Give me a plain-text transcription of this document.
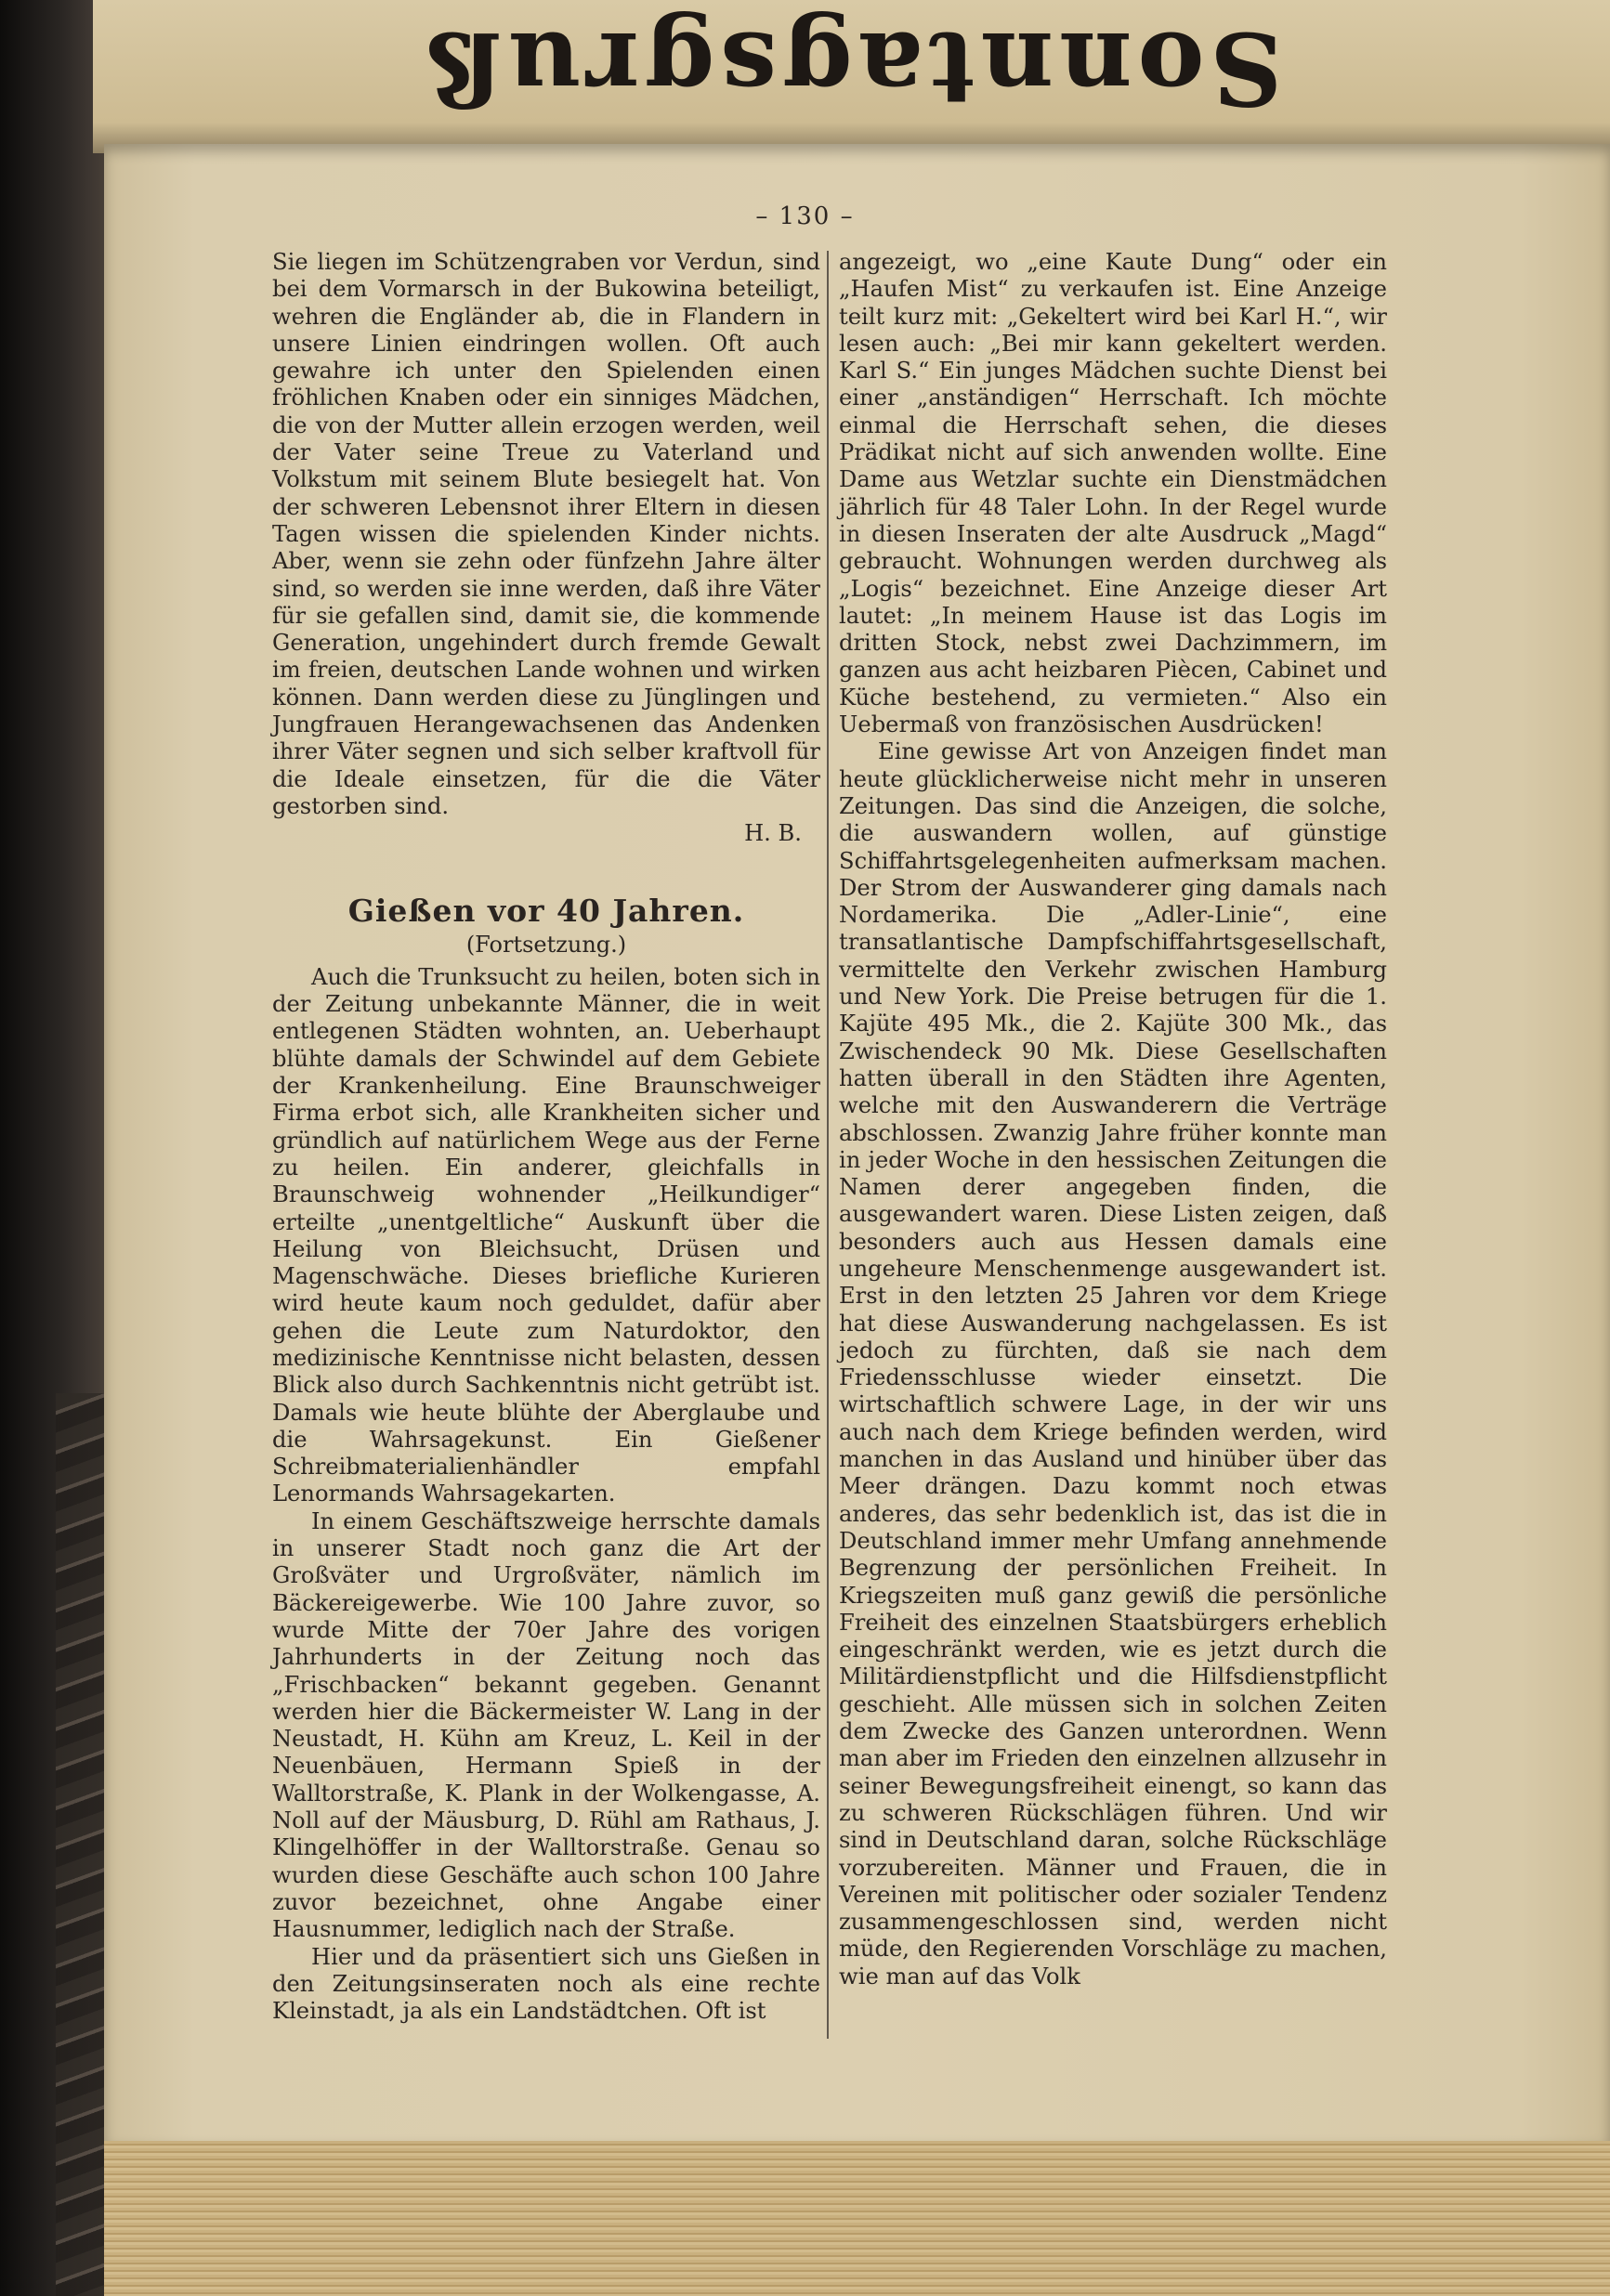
Sonntagsgruß
– 130 –

Sie liegen im Schützengraben vor Verdun, sind bei dem Vormarsch in der Bukowina beteiligt, wehren die Engländer ab, die in Flandern in unsere Linien eindringen wollen. Oft auch gewahre ich unter den Spielenden einen fröhlichen Knaben oder ein sinniges Mädchen, die von der Mutter allein erzogen werden, weil der Vater seine Treue zu Vaterland und Volkstum mit seinem Blute besiegelt hat. Von der schweren Lebensnot ihrer Eltern in diesen Tagen wissen die spielenden Kinder nichts. Aber, wenn sie zehn oder fünfzehn Jahre älter sind, so werden sie inne werden, daß ihre Väter für sie gefallen sind, damit sie, die kommende Generation, ungehindert durch fremde Gewalt im freien, deutschen Lande wohnen und wirken können. Dann werden diese zu Jünglingen und Jungfrauen Herangewachsenen das Andenken ihrer Väter segnen und sich selber kraftvoll für die Ideale einsetzen, für die die Väter gestorben sind.

H. B.

Gießen vor 40 Jahren.
(Fortsetzung.)

Auch die Trunksucht zu heilen, boten sich in der Zeitung unbekannte Männer, die in weit entlegenen Städten wohnten, an. Ueberhaupt blühte damals der Schwindel auf dem Gebiete der Krankenheilung. Eine Braunschweiger Firma erbot sich, alle Krankheiten sicher und gründlich auf natürlichem Wege aus der Ferne zu heilen. Ein anderer, gleichfalls in Braunschweig wohnender „Heilkundiger“ erteilte „unentgeltliche“ Auskunft über die Heilung von Bleichsucht, Drüsen und Magenschwäche. Dieses briefliche Kurieren wird heute kaum noch geduldet, dafür aber gehen die Leute zum Naturdoktor, den medizinische Kenntnisse nicht belasten, dessen Blick also durch Sachkenntnis nicht getrübt ist. Damals wie heute blühte der Aberglaube und die Wahrsagekunst. Ein Gießener Schreibmaterialienhändler empfahl Lenormands Wahrsagekarten.

In einem Geschäftszweige herrschte damals in unserer Stadt noch ganz die Art der Großväter und Urgroßväter, nämlich im Bäckereigewerbe. Wie 100 Jahre zuvor, so wurde Mitte der 70er Jahre des vorigen Jahrhunderts in der Zeitung noch das „Frischbacken“ bekannt gegeben. Genannt werden hier die Bäckermeister W. Lang in der Neustadt, H. Kühn am Kreuz, L. Keil in der Neuenbäuen, Hermann Spieß in der Walltorstraße, K. Plank in der Wolkengasse, A. Noll auf der Mäusburg, D. Rühl am Rathaus, J. Klingelhöffer in der Walltorstraße. Genau so wurden diese Geschäfte auch schon 100 Jahre zuvor bezeichnet, ohne Angabe einer Hausnummer, lediglich nach der Straße.

Hier und da präsentiert sich uns Gießen in den Zeitungsinseraten noch als eine rechte Kleinstadt, ja als ein Landstädtchen. Oft ist

angezeigt, wo „eine Kaute Dung“ oder ein „Haufen Mist“ zu verkaufen ist. Eine Anzeige teilt kurz mit: „Gekeltert wird bei Karl H.“, wir lesen auch: „Bei mir kann gekeltert werden. Karl S.“ Ein junges Mädchen suchte Dienst bei einer „anständigen“ Herrschaft. Ich möchte einmal die Herrschaft sehen, die dieses Prädikat nicht auf sich anwenden wollte. Eine Dame aus Wetzlar suchte ein Dienstmädchen jährlich für 48 Taler Lohn. In der Regel wurde in diesen Inseraten der alte Ausdruck „Magd“ gebraucht. Wohnungen werden durchweg als „Logis“ bezeichnet. Eine Anzeige dieser Art lautet: „In meinem Hause ist das Logis im dritten Stock, nebst zwei Dachzimmern, im ganzen aus acht heizbaren Piècen, Cabinet und Küche bestehend, zu vermieten.“ Also ein Uebermaß von französischen Ausdrücken!

Eine gewisse Art von Anzeigen findet man heute glücklicherweise nicht mehr in unseren Zeitungen. Das sind die Anzeigen, die solche, die auswandern wollen, auf günstige Schiffahrtsgelegenheiten aufmerksam machen. Der Strom der Auswanderer ging damals nach Nordamerika. Die „Adler-Linie“, eine transatlantische Dampfschiffahrtsgesellschaft, vermittelte den Verkehr zwischen Hamburg und New York. Die Preise betrugen für die 1. Kajüte 495 Mk., die 2. Kajüte 300 Mk., das Zwischendeck 90 Mk. Diese Gesellschaften hatten überall in den Städten ihre Agenten, welche mit den Auswanderern die Verträge abschlossen. Zwanzig Jahre früher konnte man in jeder Woche in den hessischen Zeitungen die Namen derer angegeben finden, die ausgewandert waren. Diese Listen zeigen, daß besonders auch aus Hessen damals eine ungeheure Menschenmenge ausgewandert ist. Erst in den letzten 25 Jahren vor dem Kriege hat diese Auswanderung nachgelassen. Es ist jedoch zu fürchten, daß sie nach dem Friedensschlusse wieder einsetzt. Die wirtschaftlich schwere Lage, in der wir uns auch nach dem Kriege befinden werden, wird manchen in das Ausland und hinüber über das Meer drängen. Dazu kommt noch etwas anderes, das sehr bedenklich ist, das ist die in Deutschland immer mehr Umfang annehmende Begrenzung der persönlichen Freiheit. In Kriegszeiten muß ganz gewiß die persönliche Freiheit des einzelnen Staatsbürgers erheblich eingeschränkt werden, wie es jetzt durch die Militärdienstpflicht und die Hilfsdienstpflicht geschieht. Alle müssen sich in solchen Zeiten dem Zwecke des Ganzen unterordnen. Wenn man aber im Frieden den einzelnen allzusehr in seiner Bewegungsfreiheit einengt, so kann das zu schweren Rückschlägen führen. Und wir sind in Deutschland daran, solche Rückschläge vorzubereiten. Männer und Frauen, die in Vereinen mit politischer oder sozialer Tendenz zusammengeschlossen sind, werden nicht müde, den Regierenden Vorschläge zu machen, wie man auf das Volk
